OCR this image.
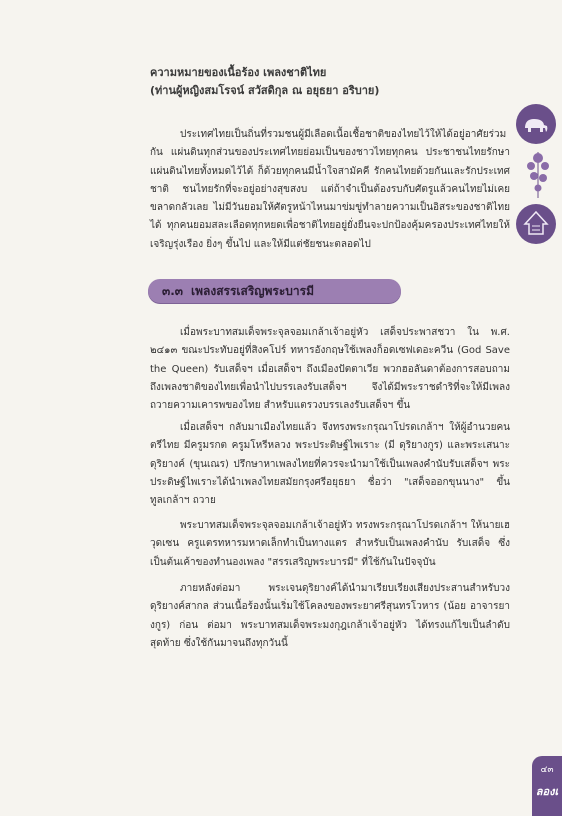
ความหมายของเนื้อร้อง เพลงชาติไทย
(ท่านผู้หญิงสมโรจน์ สวัสดิกุล ณ อยุธยา อริบาย)

ประเทศไทยเป็นถิ่นที่รวมชนผู้มีเลือดเนื้อเชื้อชาติของไทยไว้ให้ได้อยู่อาศัยร่วมกัน แผ่นดินทุกส่วนของประเทศไทยย่อมเป็นของชาวไทยทุกคน ประชาชนไทยรักษาแผ่นดินไทยทั้งหมดไว้ได้ ก็ด้วยทุกคนมีน้ำใจสามัคคี รักคนไทยด้วยกันและรักประเทศชาติ ชนไทยรักที่จะอยู่อย่างสุขสงบ แต่ถ้าจำเป็นต้องรบกับศัตรูแล้วคนไทยไม่เคยขลาดกลัวเลย ไม่มีวันยอมให้ศัตรูหน้าไหนมาข่มขู่ทำลายความเป็นอิสระของชาติไทยได้ ทุกคนยอมสละเลือดทุกหยดเพื่อชาติไทยอยู่ยั่งยืนจะปกป้องคุ้มครองประเทศไทยให้เจริญรุ่งเรือง ยิ่งๆ ขึ้นไป และให้มีแต่ชัยชนะตลอดไป

๓.๓ เพลงสรรเสริญพระบารมี

เมื่อพระบาทสมเด็จพระจุลจอมเกล้าเจ้าอยู่หัว เสด็จประพาสชวา ใน พ.ศ. ๒๔๑๓ ขณะประทับอยู่ที่สิงคโปร์ ทหารอังกฤษใช้เพลงก็อดเซฟเดอะควีน (God Save the Queen) รับเสด็จฯ เมื่อเสด็จฯ ถึงเมืองปัตตาเวีย พวกฮอลันดาต้องการสอบถามถึงเพลงชาติของไทยเพื่อนำไปบรรเลงรับเสด็จฯ จึงได้มีพระราชดำริที่จะให้มีเพลงถวายความเคารพของไทย สำหรับแตรวงบรรเลงรับเสด็จฯ ขึ้น

เมื่อเสด็จฯ กลับมาเมืองไทยแล้ว จึงทรงพระกรุณาโปรดเกล้าฯ ให้ผู้อำนวยคนตรีไทย มีครูมรกต ครูมโหรีหลวง พระประดิษฐ์ไพเราะ (มี ดุริยางกูร) และพระเสนาะดุริยางค์ (ขุนเณร) ปรึกษาหาเพลงไทยที่ควรจะนำมาใช้เป็นเพลงคำนับรับเสด็จฯ พระประดิษฐ์ไพเราะได้นำเพลงไทยสมัยกรุงศรีอยุธยา ชื่อว่า "เสด็จออกขุนนาง" ขึ้นทูลเกล้าฯ ถวาย

พระบาทสมเด็จพระจุลจอมเกล้าเจ้าอยู่หัว ทรงพระกรุณาโปรดเกล้าฯ ให้นายเฮวุดเซน ครูแตรทหารมหาดเล็กทำเป็นทางแตร สำหรับเป็นเพลงคำนับ รับเสด็จ ซึ่งเป็นต้นเค้าของทำนองเพลง "สรรเสริญพระบารมี" ที่ใช้กันในปัจจุบัน

ภายหลังต่อมา พระเจนดุริยางค์ได้นำมาเรียบเรียงเสียงประสานสำหรับวงดุริยางค์สากล ส่วนเนื้อร้องนั้นเริ่มใช้โคลงของพระยาศรีสุนทรโวหาร (น้อย อาจารยางกูร) ก่อน ต่อมา พระบาทสมเด็จพระมงกุฎเกล้าเจ้าอยู่หัว ได้ทรงแก้ไขเป็นลำดับสุดท้าย ซึ่งใช้กันมาจนถึงทุกวันนี้

๔๓
ลองเ
